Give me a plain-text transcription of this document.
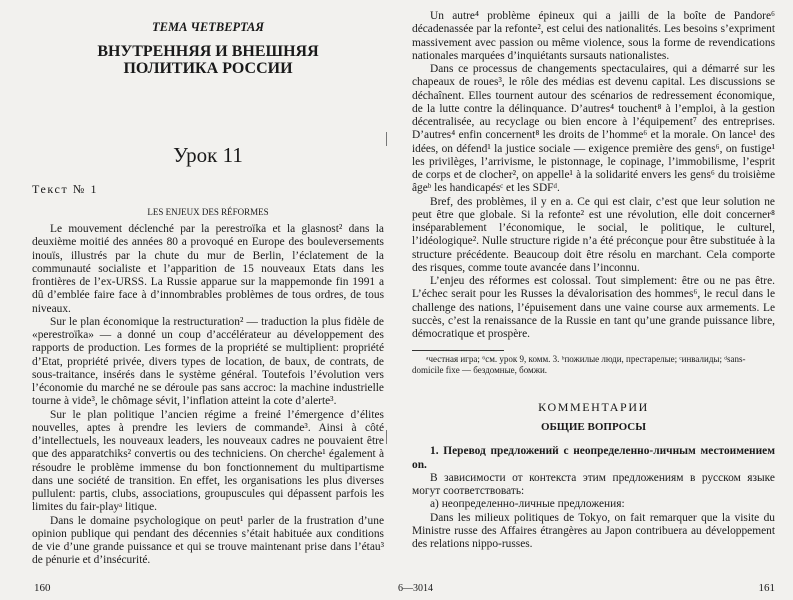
ТЕМА ЧЕТВЕРТАЯ
ВНУТРЕННЯЯ И ВНЕШНЯЯ
ПОЛИТИКА РОССИИ
Урок 11
Текст № 1
LES ENJEUX DES RÉFORMES

Le mouvement déclenché par la perestroïka et la glasnost² dans la deuxième moitié des années 80 a provoqué en Europe des bouleversements inouïs, illustrés par la chute du mur de Berlin, l’éclatement de la communauté socialiste et l’apparition de 15 nouveaux Etats dans les frontières de l’ex-URSS. La Russie apparue sur la mappemonde fin 1991 a dû d’emblée faire face à d’innombrables problèmes de tous ordres, de tous niveaux.

Sur le plan économique la restructuration² — traduction la plus fidèle de «perestroïka» — a donné un coup d’accélérateur au développement des rapports de production. Les formes de la propriété se multiplient: propriété d’Etat, propriété privée, divers types de location, de baux, de contrats, de sous-traitance, insérés dans le système général. Toutefois l’évolution vers l’économie du marché ne se déroule pas sans accroc: la machine industrielle tourne à vide³, le chômage sévit, l’inflation atteint la cote d’alerte³.

Sur le plan politique l’ancien régime a freiné l’émergence d’élites nouvelles, aptes à prendre les leviers de commande³. Ainsi à côté d’intellectuels, les nouveaux leaders, les nouveaux cadres ne pouvaient être que des apparatchiks² convertis ou des techniciens. On cherche¹ également à résoudre le problème immense du bon fonctionnement du multipartisme dans une société de transition. En effet, les organisations les plus diverses pullulent: partis, clubs, associations, groupuscules qui dépassent parfois les limites du fair-playᵃ litique.

Dans le domaine psychologique on peut¹ parler de la frustration d’une opinion publique qui pendant des décennies s’était habituée aux conditions de vie d’une grande puissance et qui se trouve maintenant prise dans l’étau³ de pénurie et d’insécurité.

160

Un autre⁴ problème épineux qui a jailli de la boîte de Pandore⁶ décadenassée par la refonte², est celui des nationalités. Les besoins s’expriment massivement avec passion ou même violence, sous la forme de revendications nationales marquées d’inquiétants sursauts nationalistes.

Dans ce processus de changements spectaculaires, qui a démarré sur les chapeaux de roues³, le rôle des médias est devenu capital. Les discussions se déchaînent. Elles tournent autour des scénarios de redressement économique, de la lutte contre la délinquance. D’autres⁴ touchent⁸ à l’emploi, à la gestion décentralisée, au recyclage ou bien encore à l’équipement⁷ des entreprises. D’autres⁴ enfin concernent⁸ les droits de l’homme⁶ et la morale. On lance¹ des idées, on défend¹ la justice sociale — exigence première des gens⁶, on fustige¹ les privilèges, l’arrivisme, le pistonnage, le copinage, l’immobilisme, l’esprit de corps et de clocher², on appelle¹ à la solidarité envers les gens⁶ du troisième âgeᵇ les handicapésᶜ et les SDFᵈ.

Bref, des problèmes, il y en a. Ce qui est clair, c’est que leur solution ne peut être que globale. Si la refonte² est une révolution, elle doit concerner⁸ inséparablement l’économique, le social, le politique, le culturel, l’idéologique². Nulle structure rigide n’a été préconçue pour être substituée à la structure précédente. Beaucoup doit être résolu en marchant. Cela comporte des risques, comme toute avancée dans l’inconnu.

L’enjeu des réformes est colossal. Tout simplement: être ou ne pas être. L’échec serait pour les Russes la dévalorisation des hommes⁶, le recul dans le challenge des nations, l’épuisement dans une vaine course aux armements. Le succès, c’est la renaissance de la Russie en tant qu’une grande puissance libre, démocratique et prospère.

ᵃчестная игра; ⁶см. урок 9, комм. 3. ᵇпожилые люди, престарелые; ᶜинвалиды; ᵈsans-domicile fixe — бездомные, бомжи.

КОММЕНТАРИИ
ОБЩИЕ ВОПРОСЫ

1. Перевод предложений с неопределенно-личным местоимением on.

В зависимости от контекста этим предложениям в русском языке могут соответствовать:

а) неопределенно-личные предложения:

Dans les milieux politiques de Tokyo, on fait remarquer que la visite du Ministre russe des Affaires étrangères au Japon contribuera au développement des relations nippo-russes.

161
6—3014
